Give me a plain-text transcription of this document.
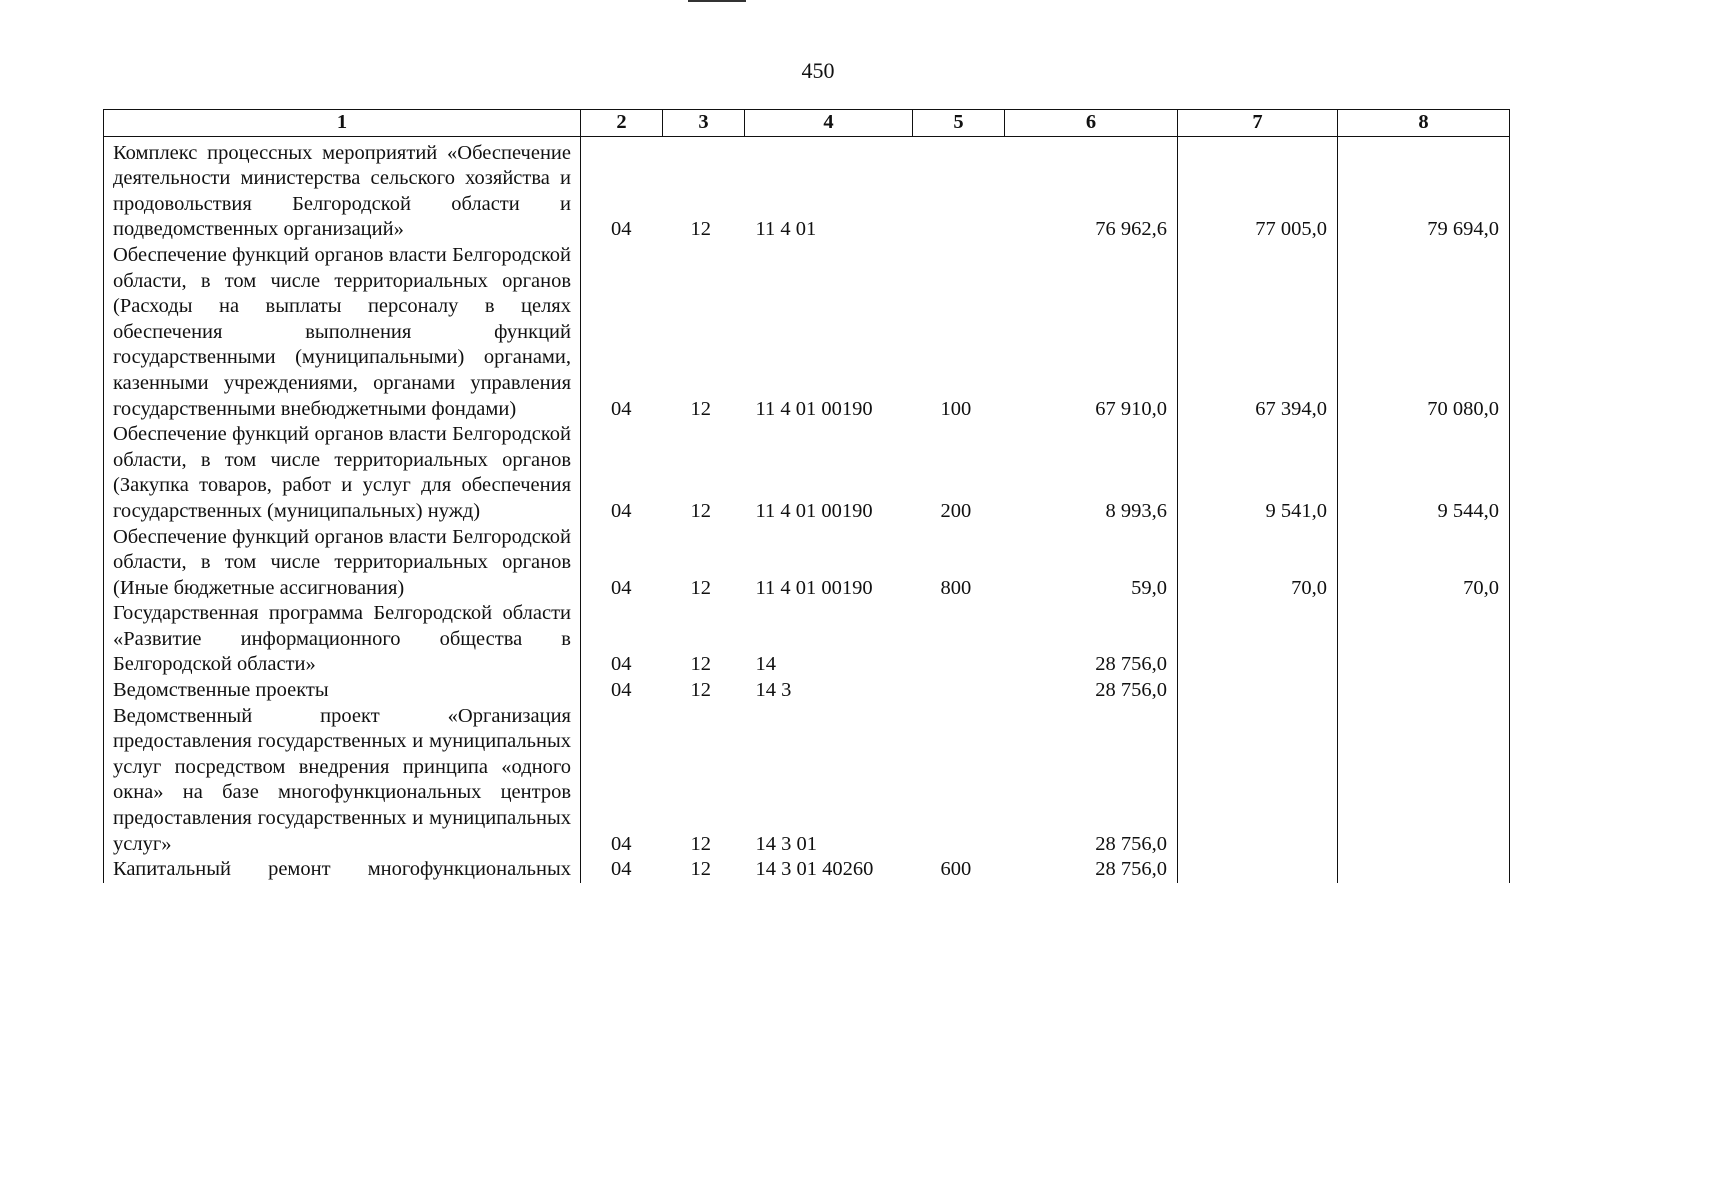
450
1	2	3	4	5	6	7	8
Комплекс процессных мероприятий «Обеспечение деятельности министерства сельского хозяйства и продовольствия Белгородской области и подведомственных организаций»	04	12	11 4 01		76 962,6	77 005,0	79 694,0
Обеспечение функций органов власти Белгородской области, в том числе территориальных органов (Расходы на выплаты персоналу в целях обеспечения выполнения функций государственными (муниципальными) органами, казенными учреждениями, органами управления государственными внебюджетными фондами)	04	12	11 4 01 00190	100	67 910,0	67 394,0	70 080,0
Обеспечение функций органов власти Белгородской области, в том числе территориальных органов (Закупка товаров, работ и услуг для обеспечения государственных (муниципальных) нужд)	04	12	11 4 01 00190	200	8 993,6	9 541,0	9 544,0
Обеспечение функций органов власти Белгородской области, в том числе территориальных органов (Иные бюджетные ассигнования)	04	12	11 4 01 00190	800	59,0	70,0	70,0
Государственная программа Белгородской области «Развитие информационного общества в Белгородской области»	04	12	14		28 756,0		
Ведомственные проекты	04	12	14 3		28 756,0		
Ведомственный проект «Организация предоставления государственных и муниципальных услуг посредством внедрения принципа «одного окна» на базе многофункциональных центров предоставления государственных и муниципальных услуг»	04	12	14 3 01		28 756,0		
Капитальный ремонт многофункциональных	04	12	14 3 01 40260	600	28 756,0		
